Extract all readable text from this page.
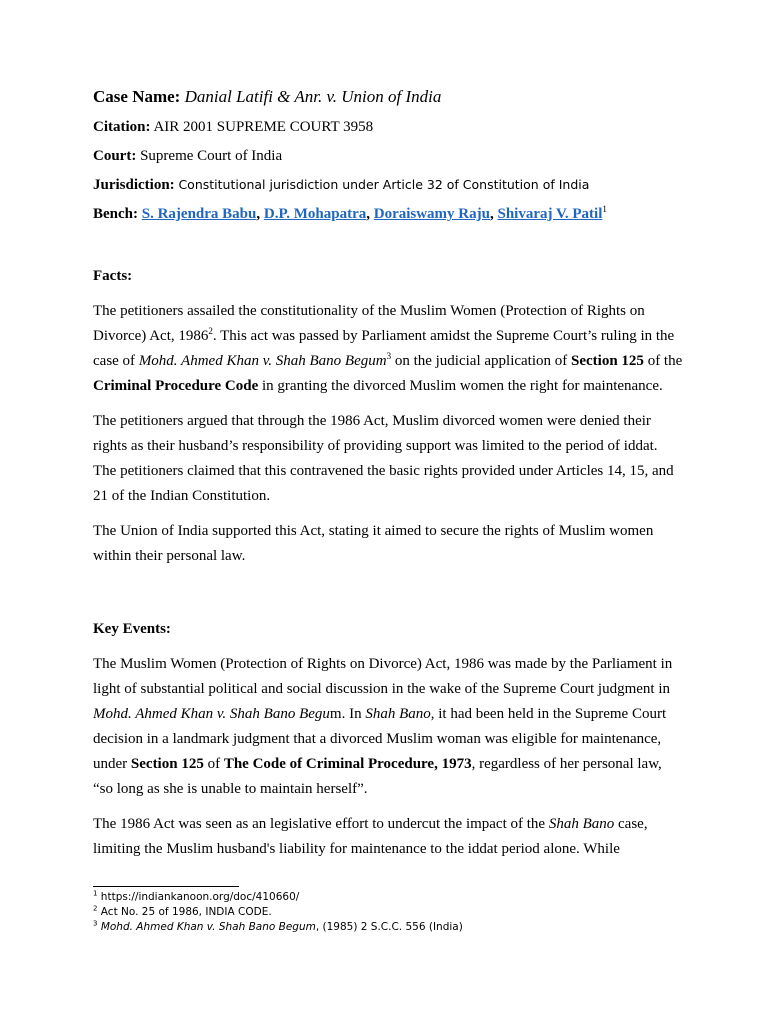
Case Name: Danial Latifi & Anr. v. Union of India

Citation: AIR 2001 SUPREME COURT 3958

Court: Supreme Court of India

Jurisdiction: Constitutional jurisdiction under Article 32 of Constitution of India

Bench: S. Rajendra Babu, D.P. Mohapatra, Doraiswamy Raju, Shivaraj V. Patil$^1$

Facts:

The petitioners assailed the constitutionality of the Muslim Women (Protection of Rights on Divorce) Act, 1986$^2$. This act was passed by Parliament amidst the Supreme Court’s ruling in the case of Mohd. Ahmed Khan v. Shah Bano Begum$^3$ on the judicial application of Section 125 of the Criminal Procedure Code in granting the divorced Muslim women the right for maintenance.

The petitioners argued that through the 1986 Act, Muslim divorced women were denied their rights as their husband’s responsibility of providing support was limited to the period of iddat. The petitioners claimed that this contravened the basic rights provided under Articles 14, 15, and 21 of the Indian Constitution.

The Union of India supported this Act, stating it aimed to secure the rights of Muslim women within their personal law.

Key Events:

The Muslim Women (Protection of Rights on Divorce) Act, 1986 was made by the Parliament in light of substantial political and social discussion in the wake of the Supreme Court judgment in Mohd. Ahmed Khan v. Shah Bano Begum. In Shah Bano, it had been held in the Supreme Court decision in a landmark judgment that a divorced Muslim woman was eligible for maintenance, under Section 125 of The Code of Criminal Procedure, 1973, regardless of her personal law, “so long as she is unable to maintain herself”.

The 1986 Act was seen as an legislative effort to undercut the impact of the Shah Bano case, limiting the Muslim husband's liability for maintenance to the iddat period alone. While

$^1$ https://indiankanoon.org/doc/410660/
$^2$ Act No. 25 of 1986, INDIA CODE.
$^3$ Mohd. Ahmed Khan v. Shah Bano Begum, (1985) 2 S.C.C. 556 (India)
